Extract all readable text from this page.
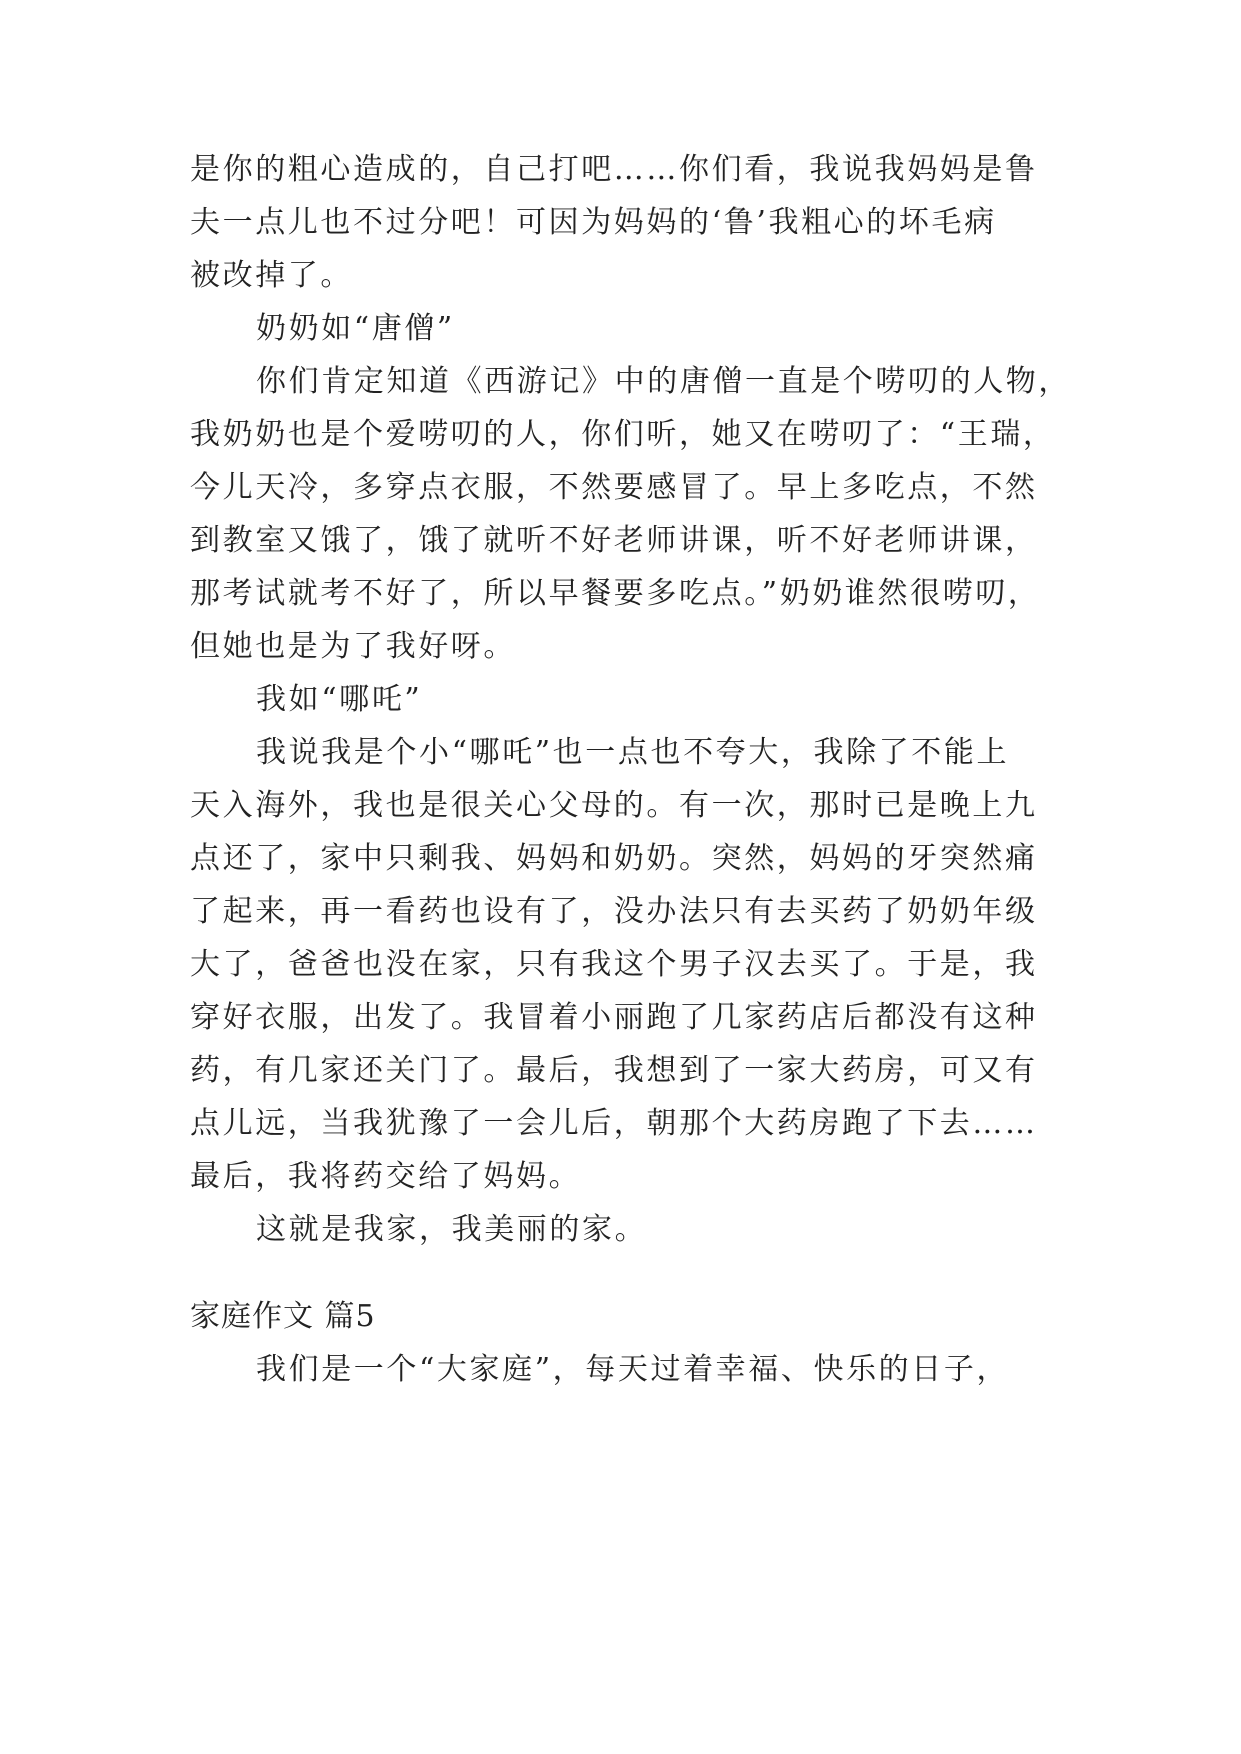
是你的粗心造成的，自己打吧……你们看，我说我妈妈是鲁
夫一点儿也不过分吧！可因为妈妈的‘鲁’我粗心的坏毛病
被改掉了。
奶奶如“唐僧”
你们肯定知道《西游记》中的唐僧一直是个唠叨的人物，
我奶奶也是个爱唠叨的人，你们听，她又在唠叨了：“王瑞，
今儿天冷，多穿点衣服，不然要感冒了。早上多吃点，不然
到教室又饿了，饿了就听不好老师讲课，听不好老师讲课，
那考试就考不好了，所以早餐要多吃点。”奶奶谁然很唠叨，
但她也是为了我好呀。
我如“哪吒”
我说我是个小“哪吒”也一点也不夸大，我除了不能上
天入海外，我也是很关心父母的。有一次，那时已是晚上九
点还了，家中只剩我、妈妈和奶奶。突然，妈妈的牙突然痛
了起来，再一看药也设有了，没办法只有去买药了奶奶年级
大了，爸爸也没在家，只有我这个男子汉去买了。于是，我
穿好衣服，出发了。我冒着小丽跑了几家药店后都没有这种
药，有几家还关门了。最后，我想到了一家大药房，可又有
点儿远，当我犹豫了一会儿后，朝那个大药房跑了下去……
最后，我将药交给了妈妈。
这就是我家，我美丽的家。
家庭作文 篇5
我们是一个“大家庭”，每天过着幸福、快乐的日子，
